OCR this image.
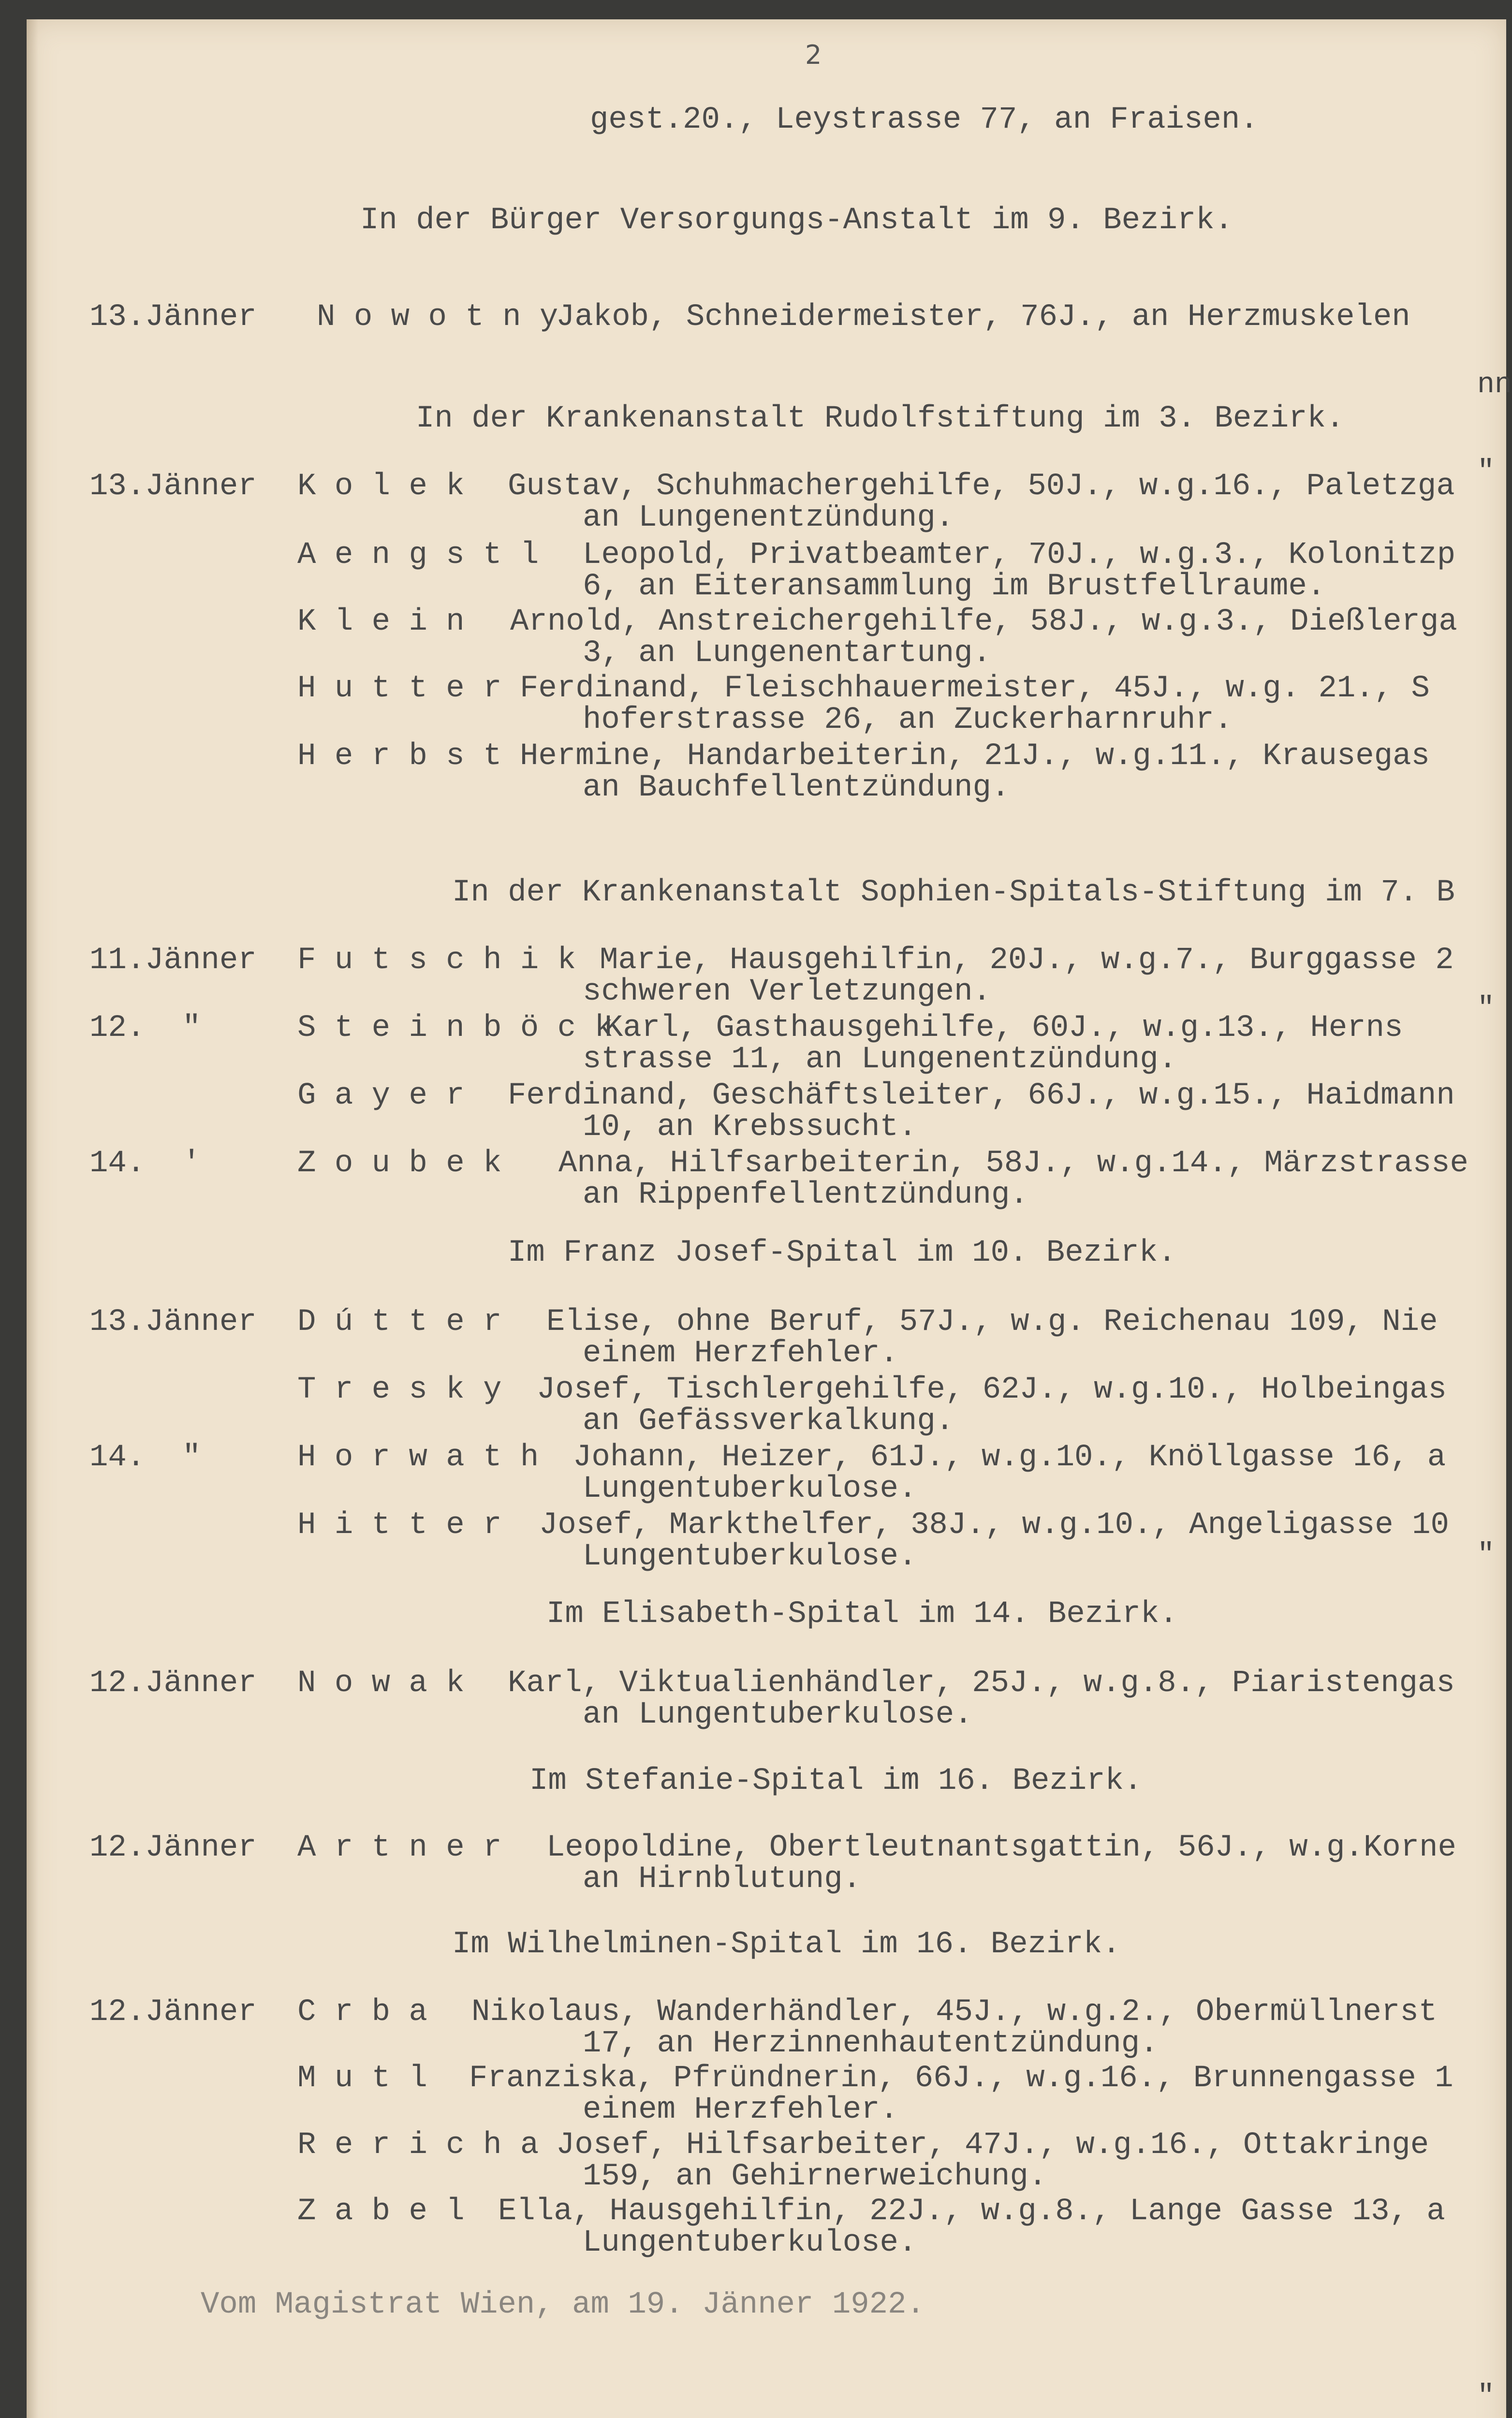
2
gest.20., Leystrasse 77, an Fraisen.
In der Bürger Versorgungs-Anstalt im 9. Bezirk.
13.Jänner	N o w o t n y
Jakob, Schneidermeister, 76J., an Herzmuskelen
In der Krankenanstalt Rudolfstiftung im 3. Bezirk.
13.Jänner	K o l e k Gustav, Schuhmachergehilfe, 50J., w.g.16., Paletzga
an Lungenentzündung.
A e n g s t l Leopold, Privatbeamter, 70J., w.g.3., Kolonitzp
6, an Eiteransammlung im Brustfellraume.
K l e i n Arnold, Anstreichergehilfe, 58J., w.g.3., Dießlerga
3, an Lungenentartung.
H u t t e r Ferdinand, Fleischhauermeister, 45J., w.g. 21., S
hoferstrasse 26, an Zuckerharnruhr.
H e r b s t Hermine, Handarbeiterin, 21J., w.g.11., Krausegas
an Bauchfellentzündung.
In der Krankenanstalt Sophien-Spitals-Stiftung im 7. B
11.Jänner	F u t s c h i k Marie, Hausgehilfin, 20J., w.g.7., Burggasse 2
schweren Verletzungen.
12.  "	S t e i n b ö c k
Karl, Gasthausgehilfe, 60J., w.g.13., Herns
strasse 11, an Lungenentzündung.
G a y e r Ferdinand, Geschäftsleiter, 66J., w.g.15., Haidmann
10, an Krebssucht.
14.  '	Z o u b e k Anna, Hilfsarbeiterin, 58J., w.g.14., Märzstrasse
an Rippenfellentzündung.
Im Franz Josef-Spital im 10. Bezirk.
13.Jänner	D ú t t e r Elise, ohne Beruf, 57J., w.g. Reichenau 109, Nie
einem Herzfehler.
T r e s k y Josef, Tischlergehilfe, 62J., w.g.10., Holbeingas
an Gefässverkalkung.
14.  "	H o r w a t h Johann, Heizer, 61J., w.g.10., Knöllgasse 16, a
Lungentuberkulose.
H i t t e r Josef, Markthelfer, 38J., w.g.10., Angeligasse 10
Lungentuberkulose.
Im Elisabeth-Spital im 14. Bezirk.
12.Jänner	N o w a k Karl, Viktualienhändler, 25J., w.g.8., Piaristengas
an Lungentuberkulose.
Im Stefanie-Spital im 16. Bezirk.
12.Jänner	A r t n e r Leopoldine, Obertleutnantsgattin, 56J., w.g.Korne
an Hirnblutung.
Im Wilhelminen-Spital im 16. Bezirk.
12.Jänner	C r b a Nikolaus, Wanderhändler, 45J., w.g.2., Obermüllnerst
17, an Herzinnenhautentzündung.
M u t l Franziska, Pfründnerin, 66J., w.g.16., Brunnengasse 1
einem Herzfehler.
R e r i c h a Josef, Hilfsarbeiter, 47J., w.g.16., Ottakringe
159, an Gehirnerweichung.
Z a b e l Ella, Hausgehilfin, 22J., w.g.8., Lange Gasse 13, a
Lungentuberkulose.
Vom Magistrat Wien, am 19. Jänner 1922.
nn
"
"
"
"
